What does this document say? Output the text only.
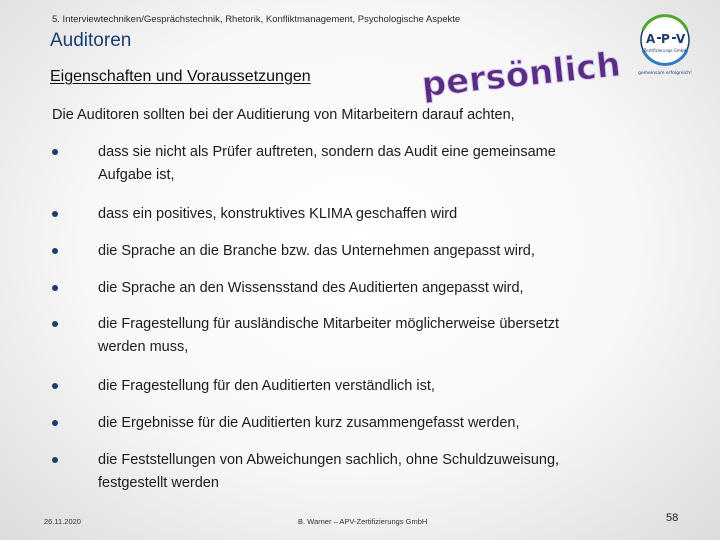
5. Interviewtechniken/Gesprächstechnik, Rhetorik, Konfliktmanagement, Psychologische Aspekte
Auditoren
Eigenschaften und Voraussetzungen	persönlich
A P V
Zertifizierungs GmbH
gemeinsam erfolgreich!
Die Auditoren sollten bei der Auditierung von Mitarbeitern darauf achten,
dass sie nicht als Prüfer auftreten, sondern das Audit eine gemeinsame
Aufgabe ist,
dass ein positives, konstruktives KLIMA geschaffen wird
die Sprache an die Branche bzw. das Unternehmen angepasst wird,
die Sprache an den Wissensstand des Auditierten angepasst wird,
die Fragestellung für ausländische Mitarbeiter möglicherweise übersetzt
werden muss,
die Fragestellung für den Auditierten verständlich ist,
die Ergebnisse für die Auditierten kurz zusammengefasst werden,
die Feststellungen von Abweichungen sachlich, ohne Schuldzuweisung,
festgestellt werden
26.11.2020	B. Warner – APV-Zertifizierungs GmbH	58
